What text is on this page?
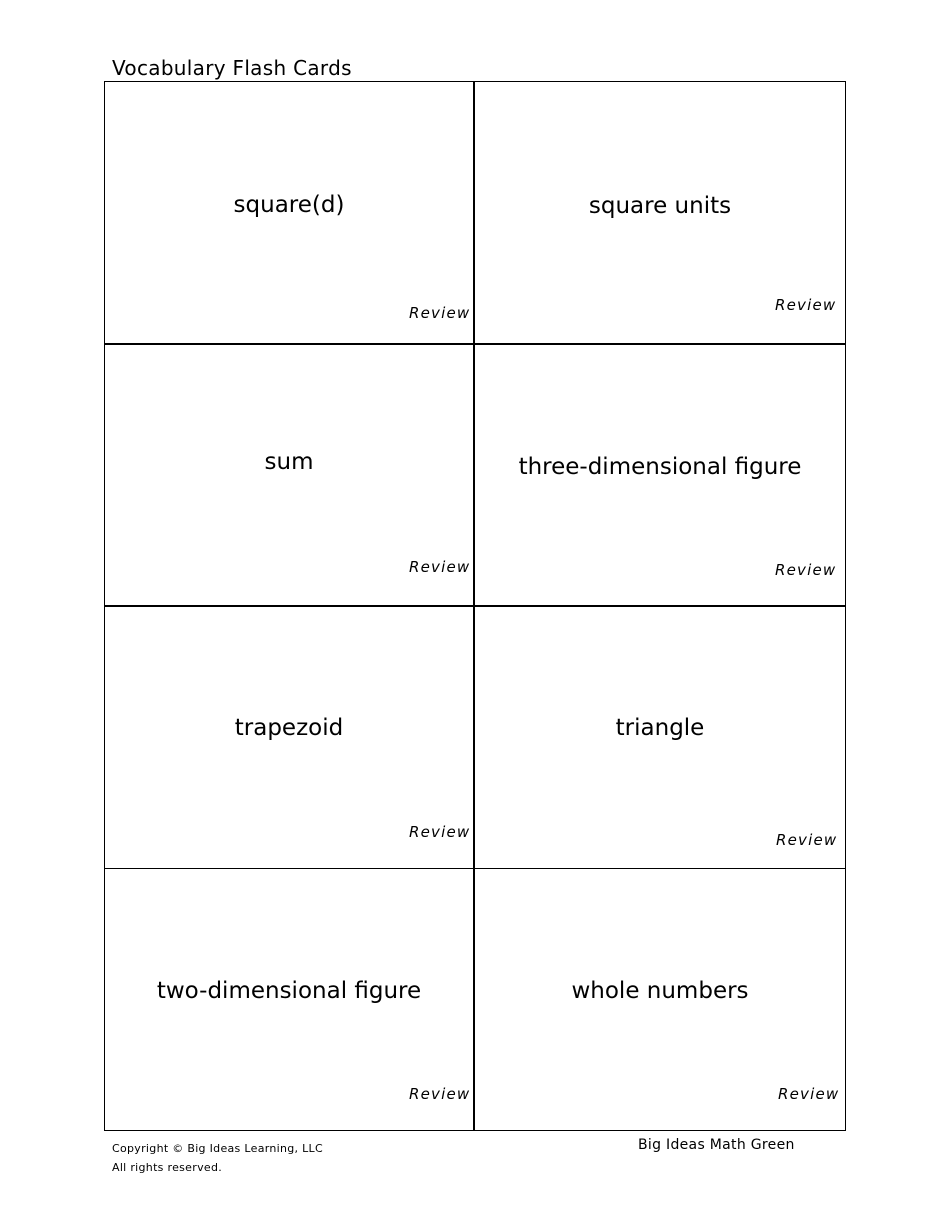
Vocabulary Flash Cards
square(d)
Review
square units
Review
sum
Review
three-dimensional figure
Review
trapezoid
Review
triangle
Review
two-dimensional figure
Review
whole numbers
Review
Copyright © Big Ideas Learning, LLC
All rights reserved.
Big Ideas Math Green
